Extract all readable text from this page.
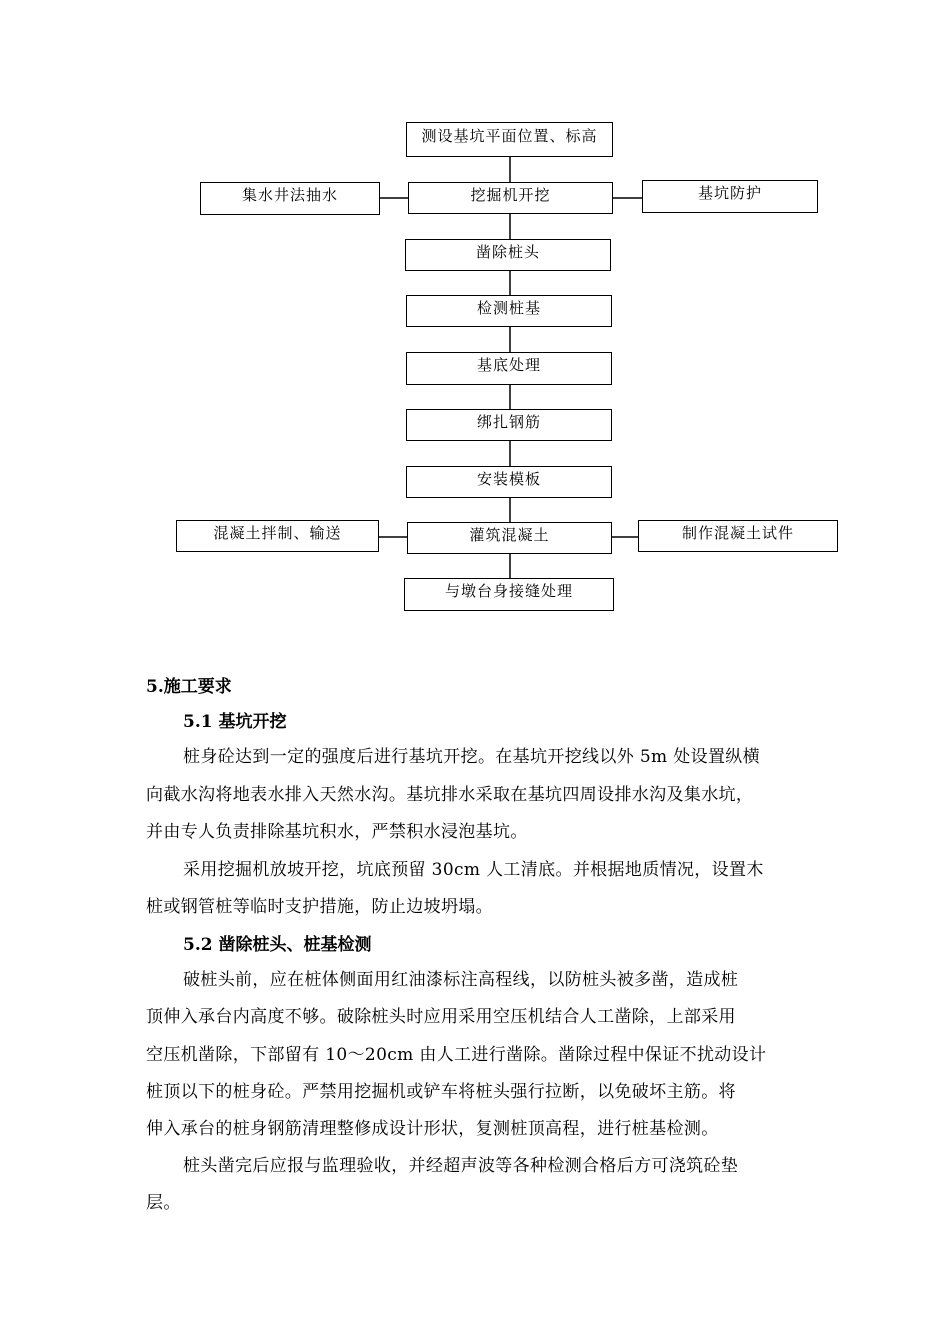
测设基坑平面位置、标高
集水井法抽水	挖掘机开挖	基坑防护
凿除桩头
检测桩基
基底处理
绑扎钢筋
安装模板
混凝土拌制、输送	灌筑混凝土	制作混凝土试件
与墩台身接缝处理
5.施工要求
5.1 基坑开挖
桩身砼达到一定的强度后进行基坑开挖。在基坑开挖线以外 5m 处设置纵横
向截水沟将地表水排入天然水沟。基坑排水采取在基坑四周设排水沟及集水坑，
并由专人负责排除基坑积水，严禁积水浸泡基坑。
采用挖掘机放坡开挖，坑底预留 30cm 人工清底。并根据地质情况，设置木
桩或钢管桩等临时支护措施，防止边坡坍塌。
5.2 凿除桩头、桩基检测
破桩头前，应在桩体侧面用红油漆标注高程线，以防桩头被多凿，造成桩
顶伸入承台内高度不够。破除桩头时应用采用空压机结合人工凿除，上部采用
空压机凿除，下部留有 10～20cm 由人工进行凿除。凿除过程中保证不扰动设计
桩顶以下的桩身砼。严禁用挖掘机或铲车将桩头强行拉断，以免破坏主筋。将
伸入承台的桩身钢筋清理整修成设计形状，复测桩顶高程，进行桩基检测。
桩头凿完后应报与监理验收，并经超声波等各种检测合格后方可浇筑砼垫
层。
